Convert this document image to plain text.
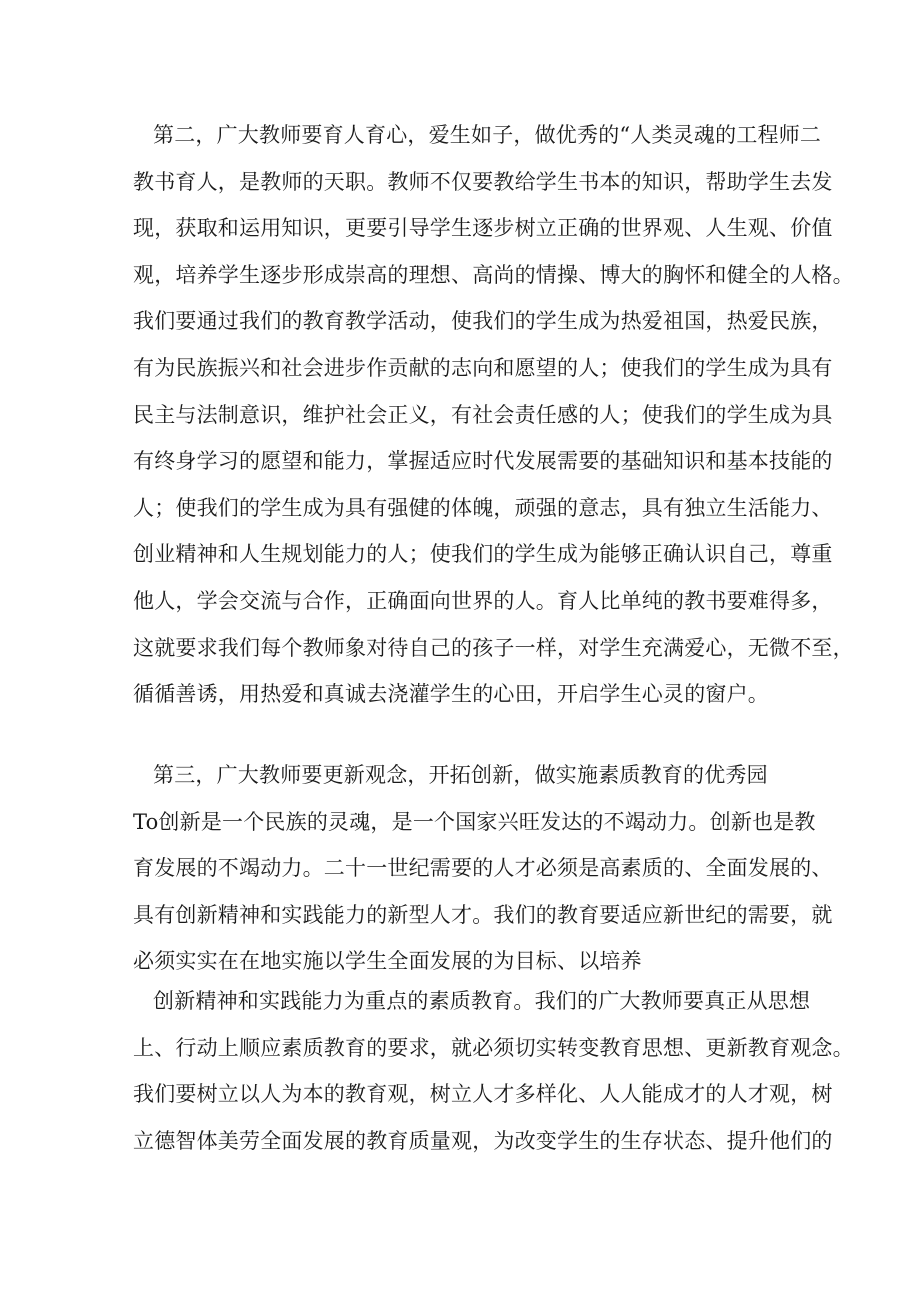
第二，广大教师要育人育心，爱生如子，做优秀的“人类灵魂的工程师二
教书育人，是教师的天职。教师不仅要教给学生书本的知识，帮助学生去发
现，获取和运用知识，更要引导学生逐步树立正确的世界观、人生观、价值
观，培养学生逐步形成崇高的理想、高尚的情操、博大的胸怀和健全的人格。
我们要通过我们的教育教学活动，使我们的学生成为热爱祖国，热爱民族，
有为民族振兴和社会进步作贡献的志向和愿望的人；使我们的学生成为具有
民主与法制意识，维护社会正义，有社会责任感的人；使我们的学生成为具
有终身学习的愿望和能力，掌握适应时代发展需要的基础知识和基本技能的
人；使我们的学生成为具有强健的体魄，顽强的意志，具有独立生活能力、
创业精神和人生规划能力的人；使我们的学生成为能够正确认识自己，尊重
他人，学会交流与合作，正确面向世界的人。育人比单纯的教书要难得多，
这就要求我们每个教师象对待自己的孩子一样，对学生充满爱心，无微不至，
循循善诱，用热爱和真诚去浇灌学生的心田，开启学生心灵的窗户。
第三，广大教师要更新观念，开拓创新，做实施素质教育的优秀园
To创新是一个民族的灵魂，是一个国家兴旺发达的不竭动力。创新也是教
育发展的不竭动力。二十一世纪需要的人才必须是高素质的、全面发展的、
具有创新精神和实践能力的新型人才。我们的教育要适应新世纪的需要，就
必须实实在在地实施以学生全面发展的为目标、以培养
创新精神和实践能力为重点的素质教育。我们的广大教师要真正从思想
上、行动上顺应素质教育的要求，就必须切实转变教育思想、更新教育观念。
我们要树立以人为本的教育观，树立人才多样化、人人能成才的人才观，树
立德智体美劳全面发展的教育质量观，为改变学生的生存状态、提升他们的
